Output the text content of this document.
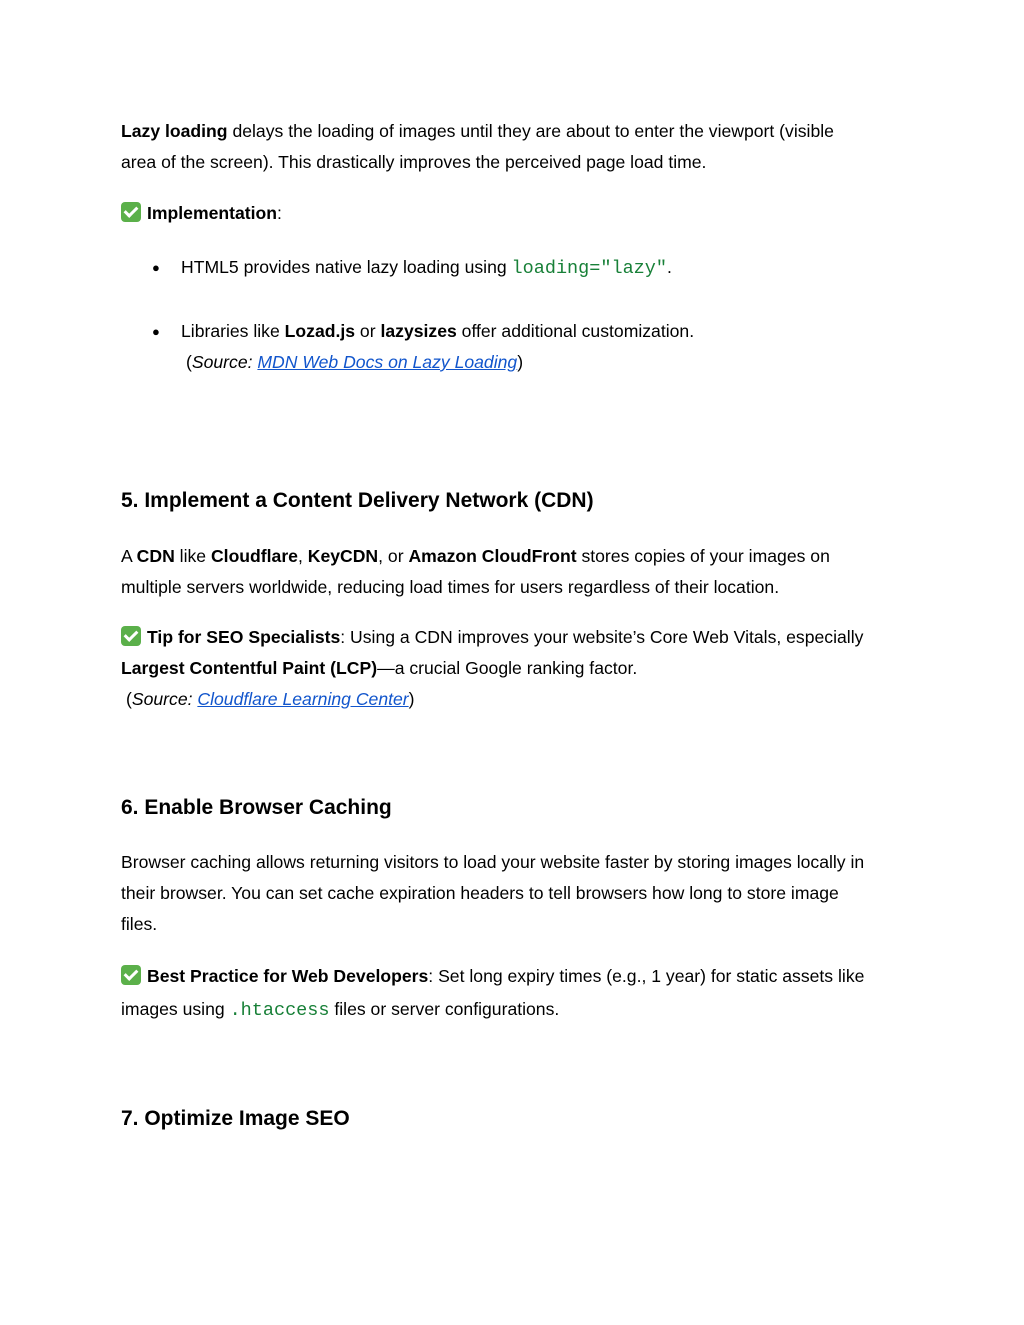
Lazy loading delays the loading of images until they are about to enter the viewport (visible
area of the screen). This drastically improves the perceived page load time.

Implementation:

● HTML5 provides native lazy loading using loading="lazy".

● Libraries like Lozad.js or lazysizes offer additional customization.
(Source: MDN Web Docs on Lazy Loading)

5. Implement a Content Delivery Network (CDN)

A CDN like Cloudflare, KeyCDN, or Amazon CloudFront stores copies of your images on
multiple servers worldwide, reducing load times for users regardless of their location.

Tip for SEO Specialists: Using a CDN improves your website’s Core Web Vitals, especially
Largest Contentful Paint (LCP)—a crucial Google ranking factor.
(Source: Cloudflare Learning Center)

6. Enable Browser Caching

Browser caching allows returning visitors to load your website faster by storing images locally in
their browser. You can set cache expiration headers to tell browsers how long to store image
files.

Best Practice for Web Developers: Set long expiry times (e.g., 1 year) for static assets like
images using .htaccess files or server configurations.

7. Optimize Image SEO
